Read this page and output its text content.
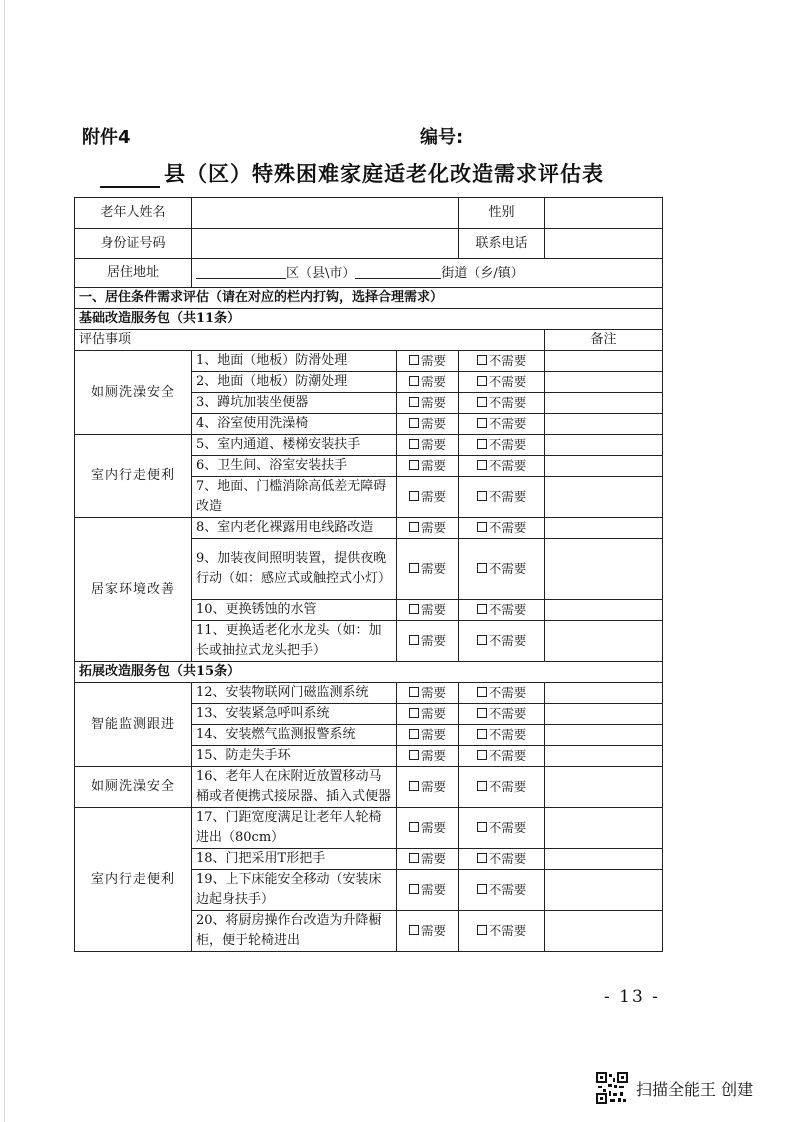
附件4	编号:
县（区）特殊困难家庭适老化改造需求评估表
老年人姓名			性别	
身份证号码			联系电话	
居住地址	区（县\市） 街道（乡/镇）			
一、居住条件需求评估（请在对应的栏内打钩，选择合理需求）				
基础改造服务包（共11条）				
评估事项				备注
如厕洗澡安全	1、地面（地板）防滑处理	需要	不需要	
	2、地面（地板）防潮处理	需要	不需要	
	3、蹲坑加装坐便器	需要	不需要	
	4、浴室使用洗澡椅	需要	不需要	
室内行走便利	5、室内通道、楼梯安装扶手	需要	不需要	
	6、卫生间、浴室安装扶手	需要	不需要	
	7、地面、门槛消除高低差无障碍改造	需要	不需要	
居家环境改善	8、室内老化裸露用电线路改造	需要	不需要	
	9、加装夜间照明装置，提供夜晚行动（如：感应式或触控式小灯）	需要	不需要	
	10、更换锈蚀的水管	需要	不需要	
	11、更换适老化水龙头（如：加长或抽拉式龙头把手）	需要	不需要	
拓展改造服务包（共15条）				
智能监测跟进	12、安装物联网门磁监测系统	需要	不需要	
	13、安装紧急呼叫系统	需要	不需要	
	14、安装燃气监测报警系统	需要	不需要	
	15、防走失手环	需要	不需要	
如厕洗澡安全	16、老年人在床附近放置移动马桶或者便携式接尿器、插入式便器	需要	不需要	
室内行走便利	17、门距宽度满足让老年人轮椅进出（80cm）	需要	不需要	
	18、门把采用T形把手	需要	不需要	
	19、上下床能安全移动（安装床边起身扶手）	需要	不需要	
	20、将厨房操作台改造为升降橱柜，便于轮椅进出	需要	不需要	
- 13 -
扫描全能王 创建
